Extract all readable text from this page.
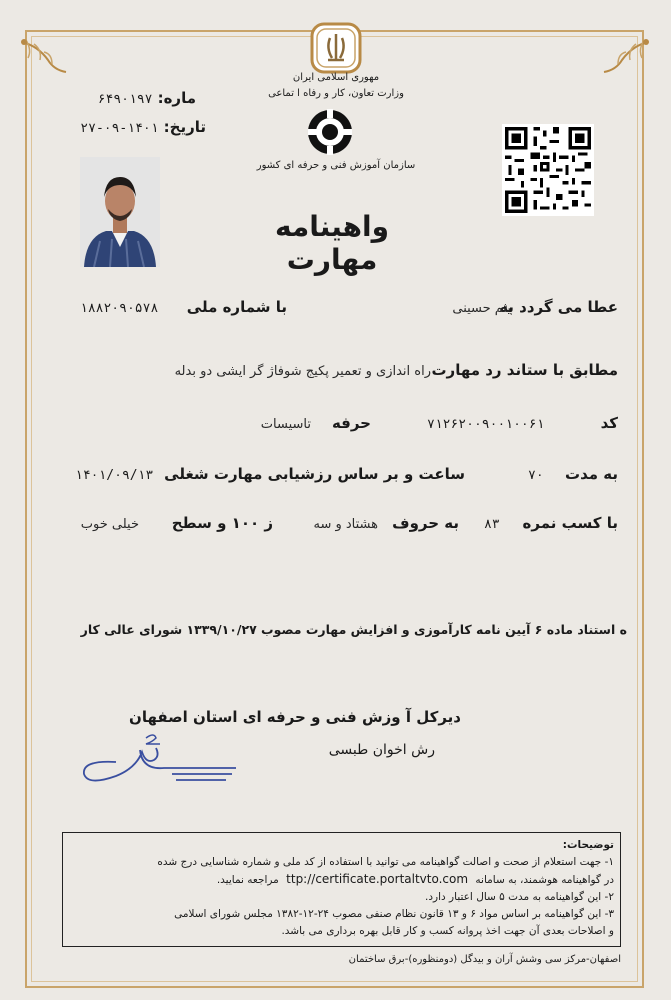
مهوری اسلامی ایران
وزارت تعاون، کار و رفاه ا تماعی
سازمان آموزش فنی و حرفه ای کشور
ماره: ۶۴۹۰۱۹۷
تاریخ: ۱۴۰۱-۰۹-۲۷
واهینامه مهارت
عطا می گردد به
یثم حسینی
با شماره ملی
۱۸۸۲۰۹۰۵۷۸
مطابق با ستاند رد مهارت
راه اندازی و تعمیر پکیج شوفاژ گر ایشی دو بدله
کد
۷۱۲۶۲۰۰۹۰۰۱۰۰۶۱
حرفه
تاسیسات
به مدت
۷۰
ساعت و بر ساس رزشیابی مهارت شغلی
۱۴۰۱/۰۹/۱۳
با کسب نمره
۸۳
به حروف
هشتاد و سه
ز ۱۰۰ و سطح
خیلی خوب
ه استناد ماده ۶ آیین نامه کارآموزی و افزایش مهارت مصوب ۱۳۳۹/۱۰/۲۷ شورای عالی کار
دیرکل آ وزش فنی و حرفه ای استان اصفهان
رش اخوان طبسی
توضیحات:
۱- جهت استعلام از صحت و اصالت گواهینامه می توانید با استفاده از کد ملی و شماره شناسایی درج شده
در گواهینامه هوشمند، به سامانه ttp://certificate.portaltvto.com مراجعه نمایید.
۲- این گواهینامه به مدت ۵ سال اعتبار دارد.
۳- این گواهینامه بر اساس مواد ۶ و ۱۳ قانون نظام صنفی مصوب ۲۴-۱۲-۱۳۸۲ مجلس شورای اسلامی
و اصلاحات بعدی آن جهت اخذ پروانه کسب و کار قابل بهره برداری می باشد.
اصفهان-مرکز سی وشش آران و بیدگل (دومنظوره)-برق ساختمان
